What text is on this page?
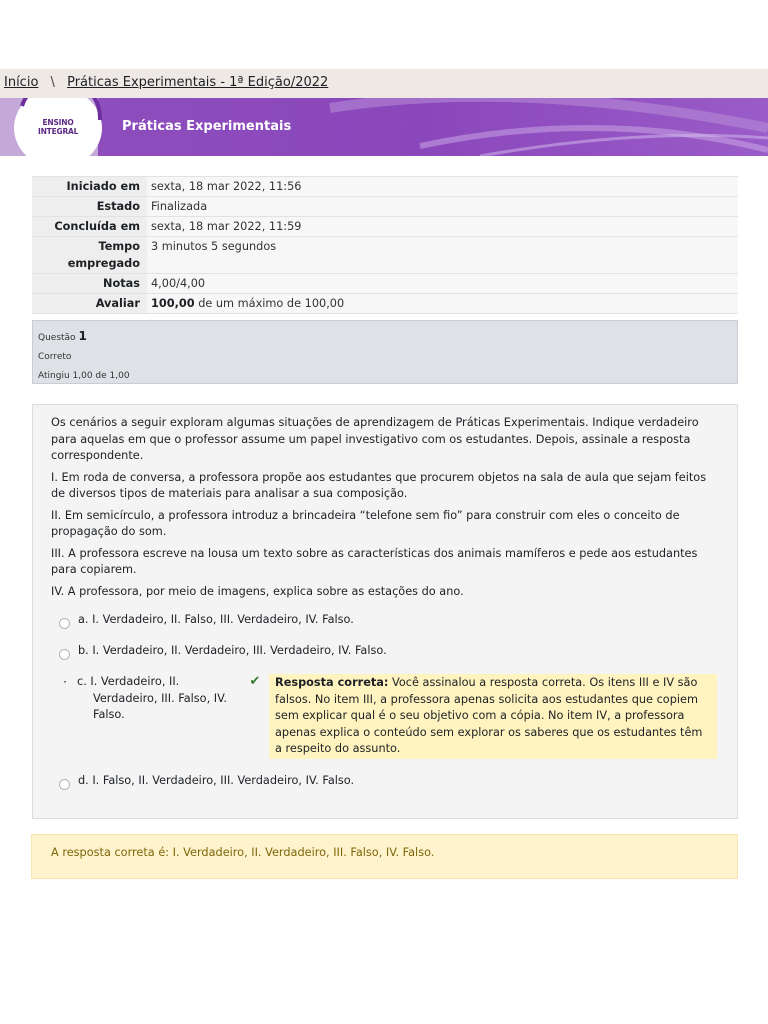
Início \ Práticas Experimentais - 1ª Edição/2022
ENSINO
INTEGRAL	Práticas Experimentais
Iniciado em	sexta, 18 mar 2022, 11:56
Estado	Finalizada
Concluída em	sexta, 18 mar 2022, 11:59
Tempo
empregado	3 minutos 5 segundos
Notas	4,00/4,00
Avaliar	100,00 de um máximo de 100,00
Questão 1
Correto
Atingiu 1,00 de 1,00

Os cenários a seguir exploram algumas situações de aprendizagem de Práticas Experimentais. Indique verdadeiro para aquelas em que o professor assume um papel investigativo com os estudantes. Depois, assinale a resposta correspondente.

I. Em roda de conversa, a professora propõe aos estudantes que procurem objetos na sala de aula que sejam feitos de diversos tipos de materiais para analisar a sua composição.

II. Em semicírculo, a professora introduz a brincadeira “telefone sem fio” para construir com eles o conceito de propagação do som.

III. A professora escreve na lousa um texto sobre as características dos animais mamíferos e pede aos estudantes para copiarem.

IV. A professora, por meio de imagens, explica sobre as estações do ano.

a. I. Verdadeiro, II. Falso, III. Verdadeiro, IV. Falso.
b. I. Verdadeiro, II. Verdadeiro, III. Verdadeiro, IV. Falso.
· c. I. Verdadeiro, II. Verdadeiro, III. Falso, IV. Falso.
✔	Resposta correta: Você assinalou a resposta correta. Os itens III e IV são falsos. No item III, a professora apenas solicita aos estudantes que copiem sem explicar qual é o seu objetivo com a cópia. No item IV, a professora apenas explica o conteúdo sem explorar os saberes que os estudantes têm a respeito do assunto.
d. I. Falso, II. Verdadeiro, III. Verdadeiro, IV. Falso.
A resposta correta é: I. Verdadeiro, II. Verdadeiro, III. Falso, IV. Falso.
